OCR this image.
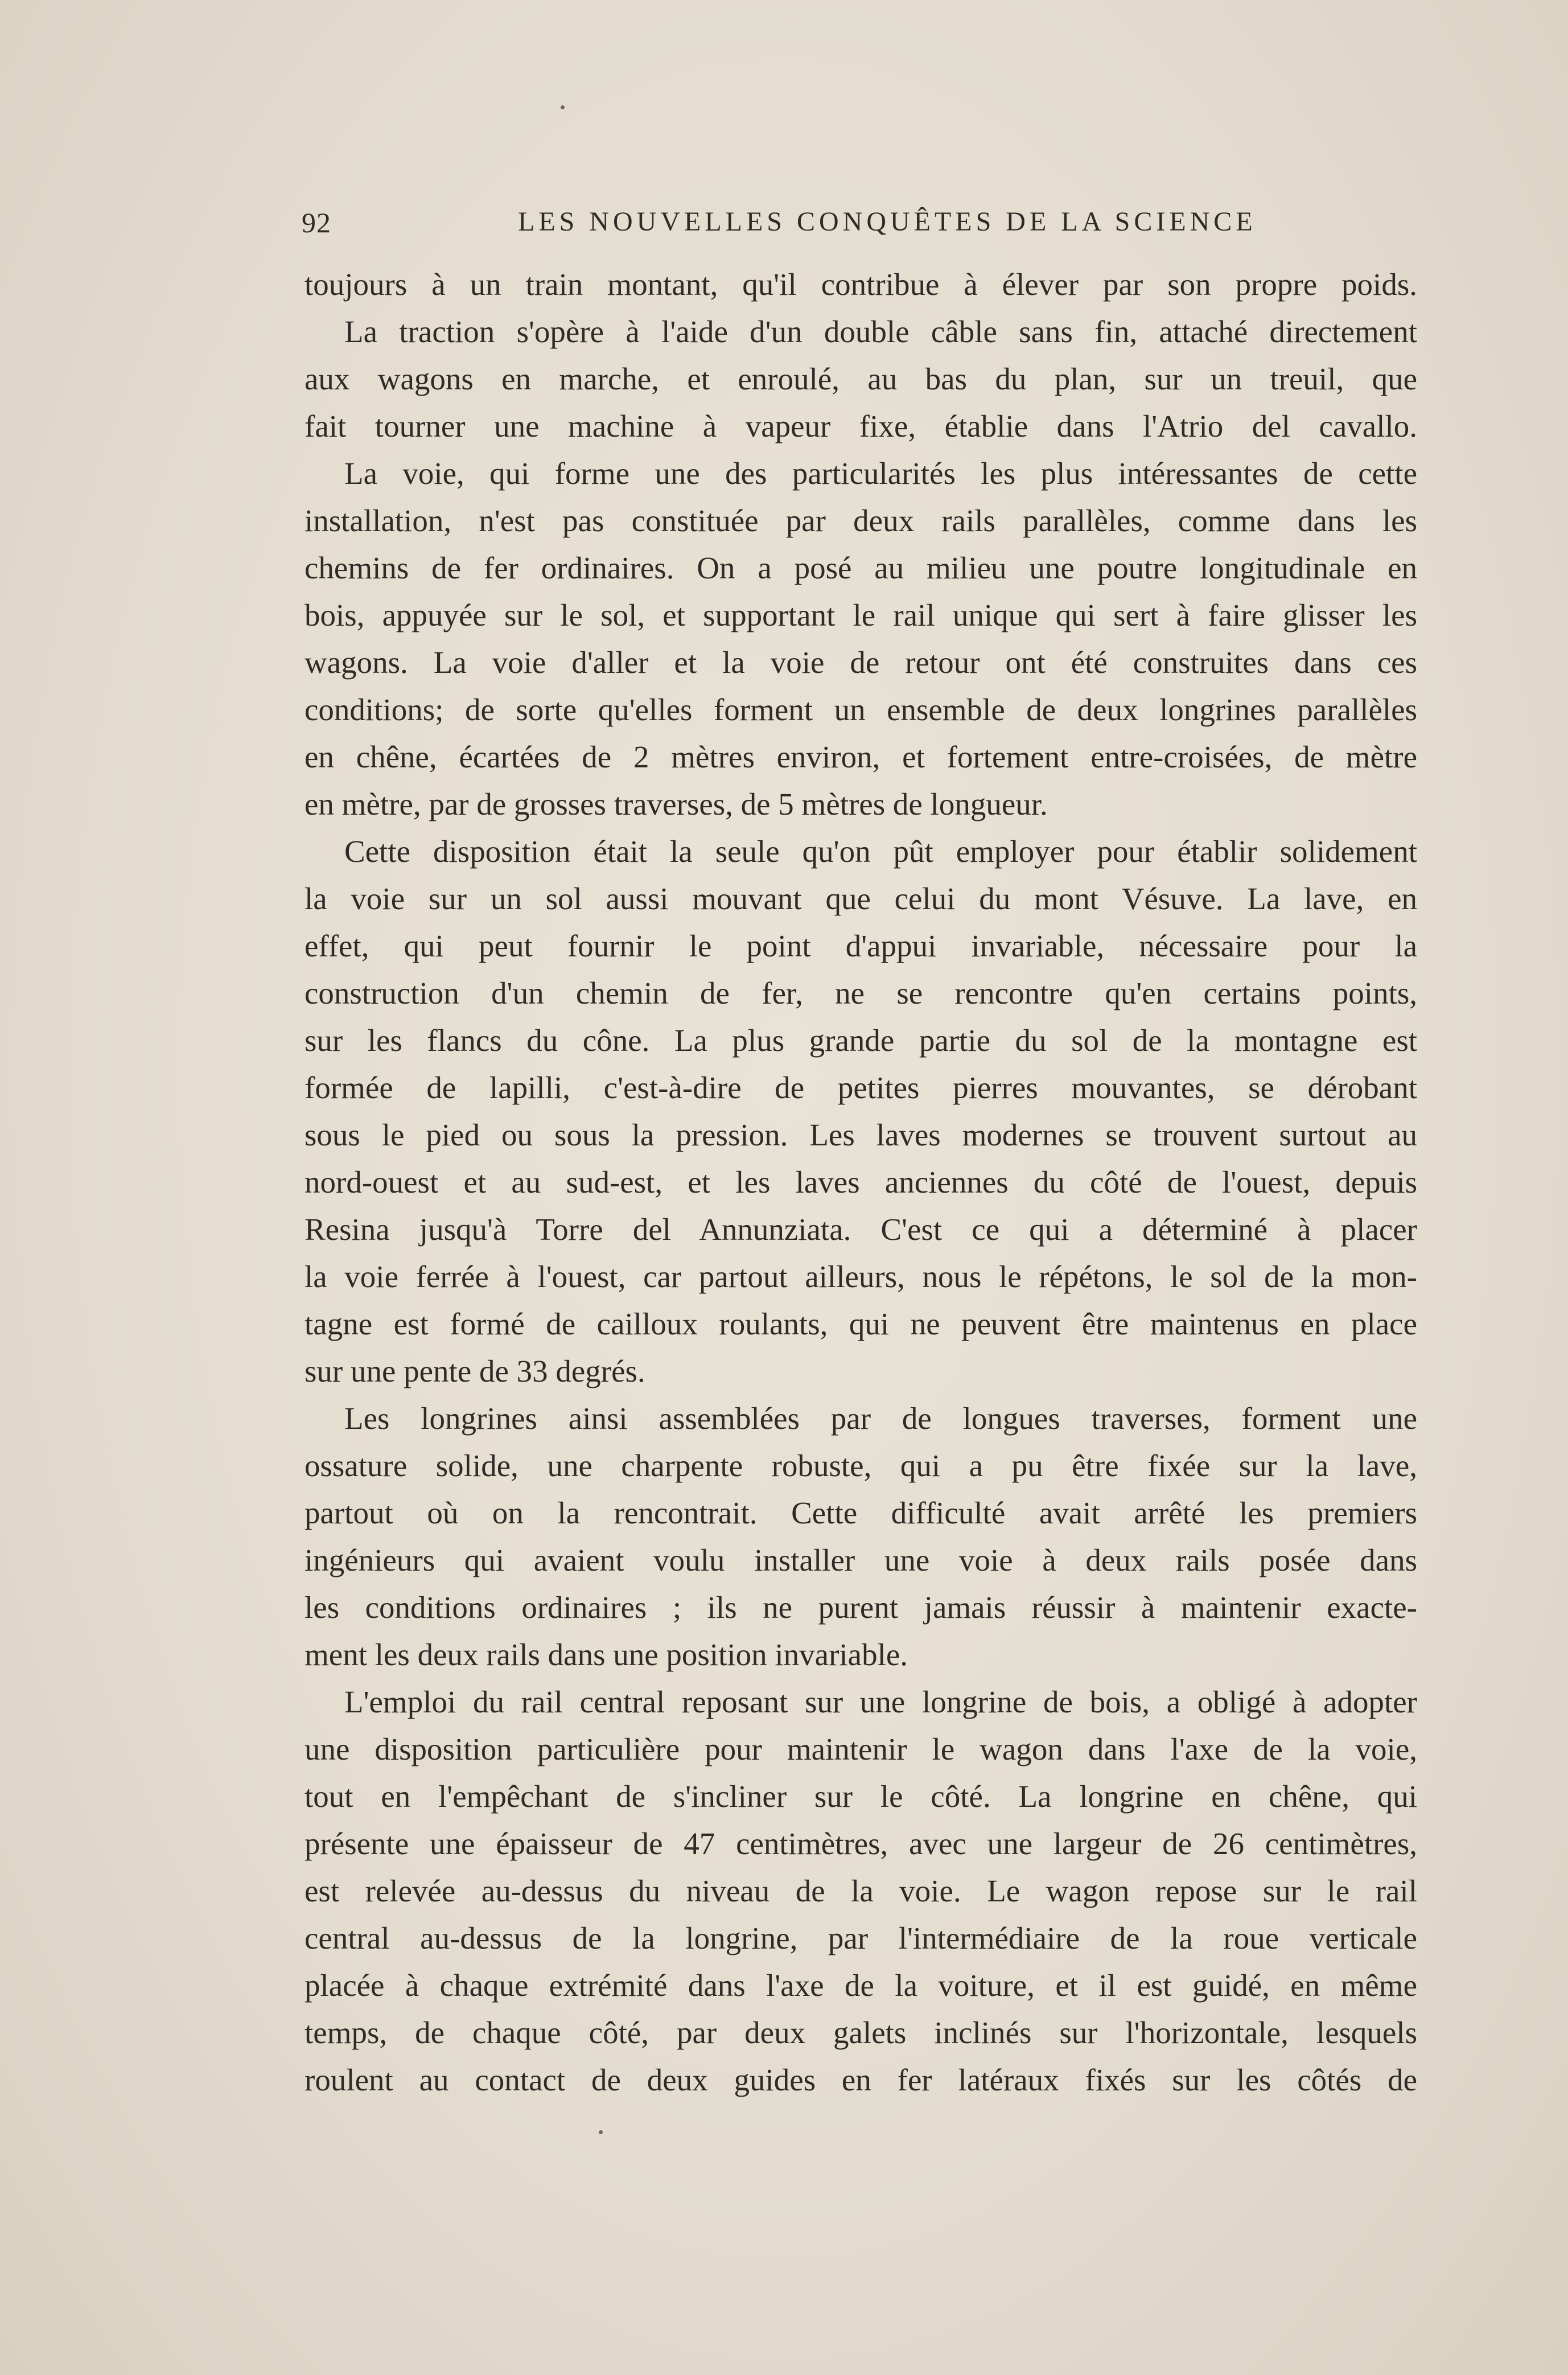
92	LES NOUVELLES CONQUÊTES DE LA SCIENCE
toujours à un train montant, qu'il contribue à élever par son propre poids.
La traction s'opère à l'aide d'un double câble sans fin, attaché directement
aux wagons en marche, et enroulé, au bas du plan, sur un treuil, que
fait tourner une machine à vapeur fixe, établie dans l'Atrio del cavallo.
La voie, qui forme une des particularités les plus intéressantes de cette
installation, n'est pas constituée par deux rails parallèles, comme dans les
chemins de fer ordinaires. On a posé au milieu une poutre longitudinale en
bois, appuyée sur le sol, et supportant le rail unique qui sert à faire glisser les
wagons. La voie d'aller et la voie de retour ont été construites dans ces
conditions; de sorte qu'elles forment un ensemble de deux longrines parallèles
en chêne, écartées de 2 mètres environ, et fortement entre-croisées, de mètre
en mètre, par de grosses traverses, de 5 mètres de longueur.
Cette disposition était la seule qu'on pût employer pour établir solidement
la voie sur un sol aussi mouvant que celui du mont Vésuve. La lave, en
effet, qui peut fournir le point d'appui invariable, nécessaire pour la
construction d'un chemin de fer, ne se rencontre qu'en certains points,
sur les flancs du cône. La plus grande partie du sol de la montagne est
formée de lapilli, c'est-à-dire de petites pierres mouvantes, se dérobant
sous le pied ou sous la pression. Les laves modernes se trouvent surtout au
nord-ouest et au sud-est, et les laves anciennes du côté de l'ouest, depuis
Resina jusqu'à Torre del Annunziata. C'est ce qui a déterminé à placer
la voie ferrée à l'ouest, car partout ailleurs, nous le répétons, le sol de la mon-
tagne est formé de cailloux roulants, qui ne peuvent être maintenus en place
sur une pente de 33 degrés.
Les longrines ainsi assemblées par de longues traverses, forment une
ossature solide, une charpente robuste, qui a pu être fixée sur la lave,
partout où on la rencontrait. Cette difficulté avait arrêté les premiers
ingénieurs qui avaient voulu installer une voie à deux rails posée dans
les conditions ordinaires ; ils ne purent jamais réussir à maintenir exacte-
ment les deux rails dans une position invariable.
L'emploi du rail central reposant sur une longrine de bois, a obligé à adopter
une disposition particulière pour maintenir le wagon dans l'axe de la voie,
tout en l'empêchant de s'incliner sur le côté. La longrine en chêne, qui
présente une épaisseur de 47 centimètres, avec une largeur de 26 centimètres,
est relevée au-dessus du niveau de la voie. Le wagon repose sur le rail
central au-dessus de la longrine, par l'intermédiaire de la roue verticale
placée à chaque extrémité dans l'axe de la voiture, et il est guidé, en même
temps, de chaque côté, par deux galets inclinés sur l'horizontale, lesquels
roulent au contact de deux guides en fer latéraux fixés sur les côtés de
